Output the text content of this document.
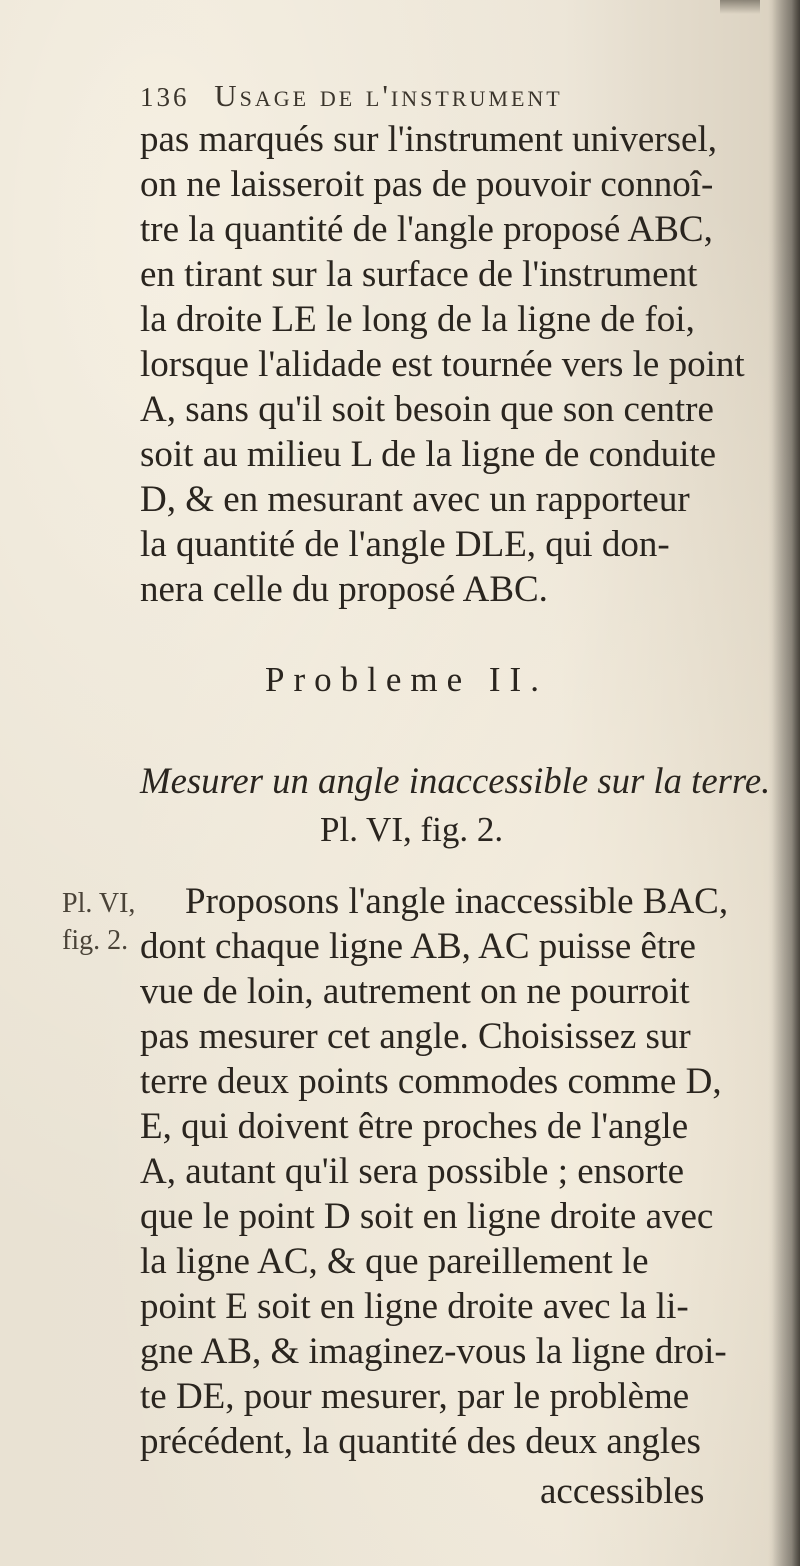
136 Usage de l'instrument
pas marqués sur l'instrument universel,
on ne laisseroit pas de pouvoir connoî-
tre la quantité de l'angle proposé ABC,
en tirant sur la surface de l'instrument
la droite LE le long de la ligne de foi,
lorsque l'alidade est tournée vers le point
A, sans qu'il soit besoin que son centre
soit au milieu L de la ligne de conduite
D, & en mesurant avec un rapporteur
la quantité de l'angle DLE, qui don-
nera celle du proposé ABC.
Probleme II.
Mesurer un angle inaccessible sur la terre.
Pl. VI, fig. 2.
Pl. VI,
fig. 2.
Proposons l'angle inaccessible BAC,
dont chaque ligne AB, AC puisse être
vue de loin, autrement on ne pourroit
pas mesurer cet angle. Choisissez sur
terre deux points commodes comme D,
E, qui doivent être proches de l'angle
A, autant qu'il sera possible ; ensorte
que le point D soit en ligne droite avec
la ligne AC, & que pareillement le
point E soit en ligne droite avec la li-
gne AB, & imaginez-vous la ligne droi-
te DE, pour mesurer, par le problème
précédent, la quantité des deux angles
accessibles
